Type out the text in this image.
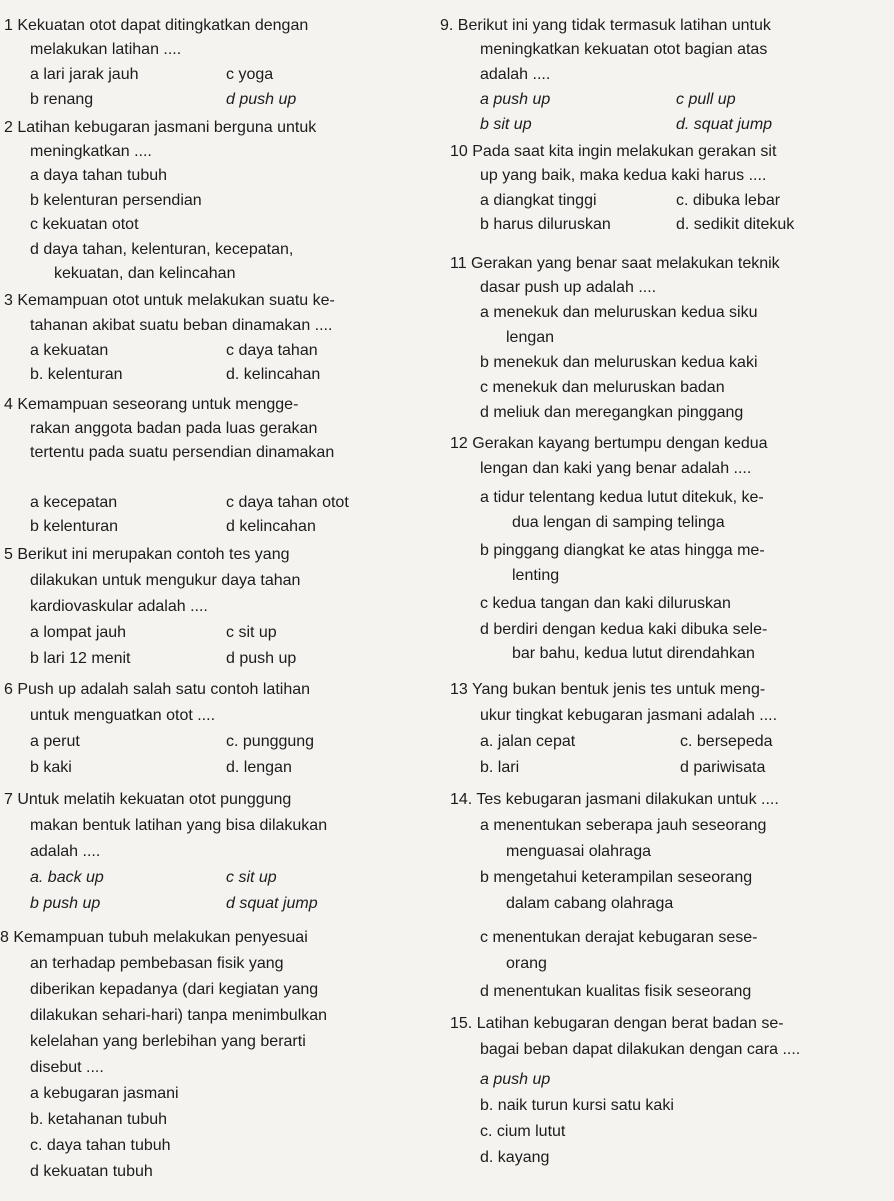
1 Kekuatan otot dapat ditingkatkan dengan
melakukan latihan ....
a lari jarak jauh	c yoga
b renang	d push up
2 Latihan kebugaran jasmani berguna untuk
meningkatkan ....
a daya tahan tubuh
b kelenturan persendian
c kekuatan otot
d daya tahan, kelenturan, kecepatan,
kekuatan, dan kelincahan
3 Kemampuan otot untuk melakukan suatu ke-
tahanan akibat suatu beban dinamakan ....
a kekuatan	c daya tahan
b. kelenturan	d. kelincahan
4 Kemampuan seseorang untuk mengge-
rakan anggota badan pada luas gerakan
tertentu pada suatu persendian dinamakan
a kecepatan	c daya tahan otot
b kelenturan	d kelincahan
5 Berikut ini merupakan contoh tes yang
dilakukan untuk mengukur daya tahan
kardiovaskular adalah ....
a lompat jauh	c sit up
b lari 12 menit	d push up
6 Push up adalah salah satu contoh latihan
untuk menguatkan otot ....
a perut	c. punggung
b kaki	d. lengan
7 Untuk melatih kekuatan otot punggung
makan bentuk latihan yang bisa dilakukan
adalah ....
a. back up	c sit up
b push up	d squat jump
8 Kemampuan tubuh melakukan penyesuai
an terhadap pembebasan fisik yang
diberikan kepadanya (dari kegiatan yang
dilakukan sehari-hari) tanpa menimbulkan
kelelahan yang berlebihan yang berarti
disebut ....
a kebugaran jasmani
b. ketahanan tubuh
c. daya tahan tubuh
d kekuatan tubuh
9. Berikut ini yang tidak termasuk latihan untuk
meningkatkan kekuatan otot bagian atas
adalah ....
a push up	c pull up
b sit up	d. squat jump
10 Pada saat kita ingin melakukan gerakan sit
up yang baik, maka kedua kaki harus ....
a diangkat tinggi	c. dibuka lebar
b harus diluruskan	d. sedikit ditekuk
11 Gerakan yang benar saat melakukan teknik
dasar push up adalah ....
a menekuk dan meluruskan kedua siku
lengan
b menekuk dan meluruskan kedua kaki
c menekuk dan meluruskan badan
d meliuk dan meregangkan pinggang
12 Gerakan kayang bertumpu dengan kedua
lengan dan kaki yang benar adalah ....
a tidur telentang kedua lutut ditekuk, ke-
dua lengan di samping telinga
b pinggang diangkat ke atas hingga me-
lenting
c kedua tangan dan kaki diluruskan
d berdiri dengan kedua kaki dibuka sele-
bar bahu, kedua lutut direndahkan
13 Yang bukan bentuk jenis tes untuk meng-
ukur tingkat kebugaran jasmani adalah ....
a. jalan cepat	c. bersepeda
b. lari	d pariwisata
14. Tes kebugaran jasmani dilakukan untuk ....
a menentukan seberapa jauh seseorang
menguasai olahraga
b mengetahui keterampilan seseorang
dalam cabang olahraga
c menentukan derajat kebugaran sese-
orang
d menentukan kualitas fisik seseorang
15. Latihan kebugaran dengan berat badan se-
bagai beban dapat dilakukan dengan cara ....
a push up
b. naik turun kursi satu kaki
c. cium lutut
d. kayang
